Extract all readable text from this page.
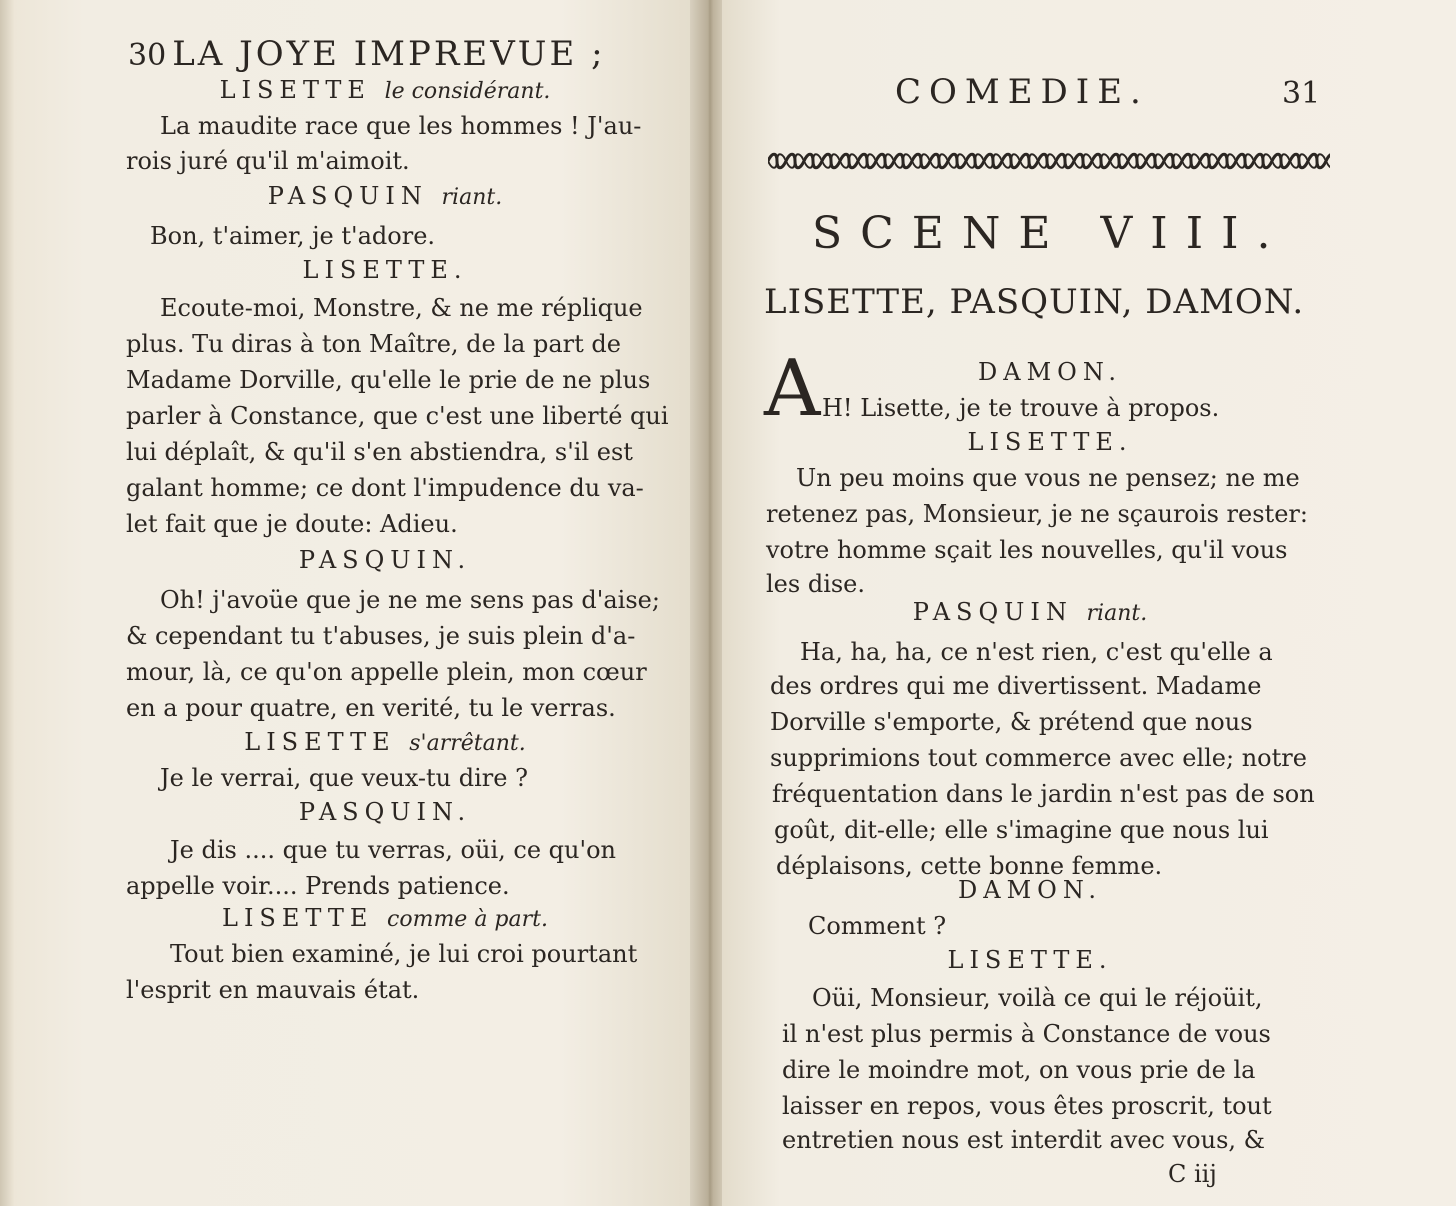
30 LA JOYE IMPREVUE ;
LISETTE le considérant.
La maudite race que les hommes ! J'au-
rois juré qu'il m'aimoit.
PASQUIN riant.
Bon, t'aimer, je t'adore.
LISETTE.
Ecoute-moi, Monstre, & ne me réplique
plus. Tu diras à ton Maître, de la part de
Madame Dorville, qu'elle le prie de ne plus
parler à Constance, que c'est une liberté qui
lui déplaît, & qu'il s'en abstiendra, s'il est
galant homme; ce dont l'impudence du va-
let fait que je doute: Adieu.
PASQUIN.
Oh! j'avoüe que je ne me sens pas d'aise;
& cependant tu t'abuses, je suis plein d'a-
mour, là, ce qu'on appelle plein, mon cœur
en a pour quatre, en verité, tu le verras.
LISETTE s'arrêtant.
Je le verrai, que veux-tu dire ?
PASQUIN.
Je dis .... que tu verras, oüi, ce qu'on
appelle voir.... Prends patience.
LISETTE comme à part.
Tout bien examiné, je lui croi pourtant
l'esprit en mauvais état.

COMEDIE.	31
SCENE VIII.
LISETTE, PASQUIN, DAMON.
A	DAMON.
H! Lisette, je te trouve à propos.
LISETTE.
Un peu moins que vous ne pensez; ne me
retenez pas, Monsieur, je ne sçaurois rester:
votre homme sçait les nouvelles, qu'il vous
les dise.
PASQUIN riant.
Ha, ha, ha, ce n'est rien, c'est qu'elle a
des ordres qui me divertissent. Madame
Dorville s'emporte, & prétend que nous
supprimions tout commerce avec elle; notre
fréquentation dans le jardin n'est pas de son
goût, dit-elle; elle s'imagine que nous lui
déplaisons, cette bonne femme.
DAMON.
Comment ?
LISETTE.
Oüi, Monsieur, voilà ce qui le réjoüit,
il n'est plus permis à Constance de vous
dire le moindre mot, on vous prie de la
laisser en repos, vous êtes proscrit, tout
entretien nous est interdit avec vous, &
C iij
